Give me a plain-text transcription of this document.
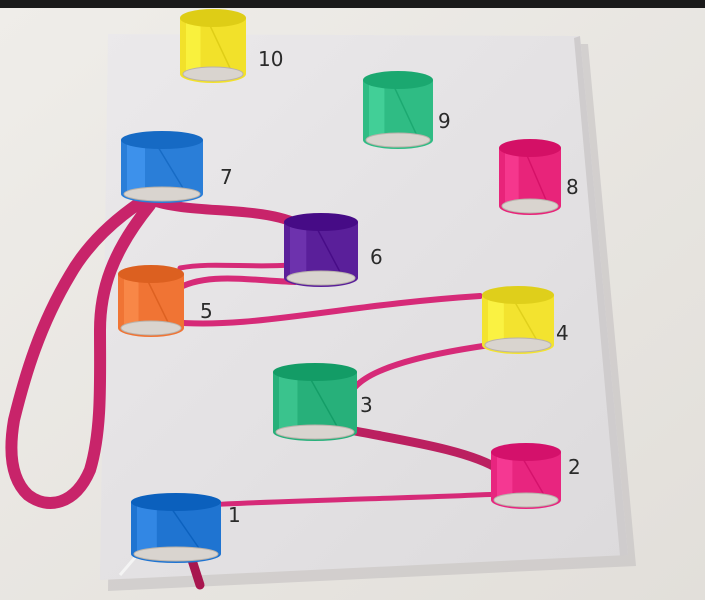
1
2
3
4
5
6
7	8
9
10
